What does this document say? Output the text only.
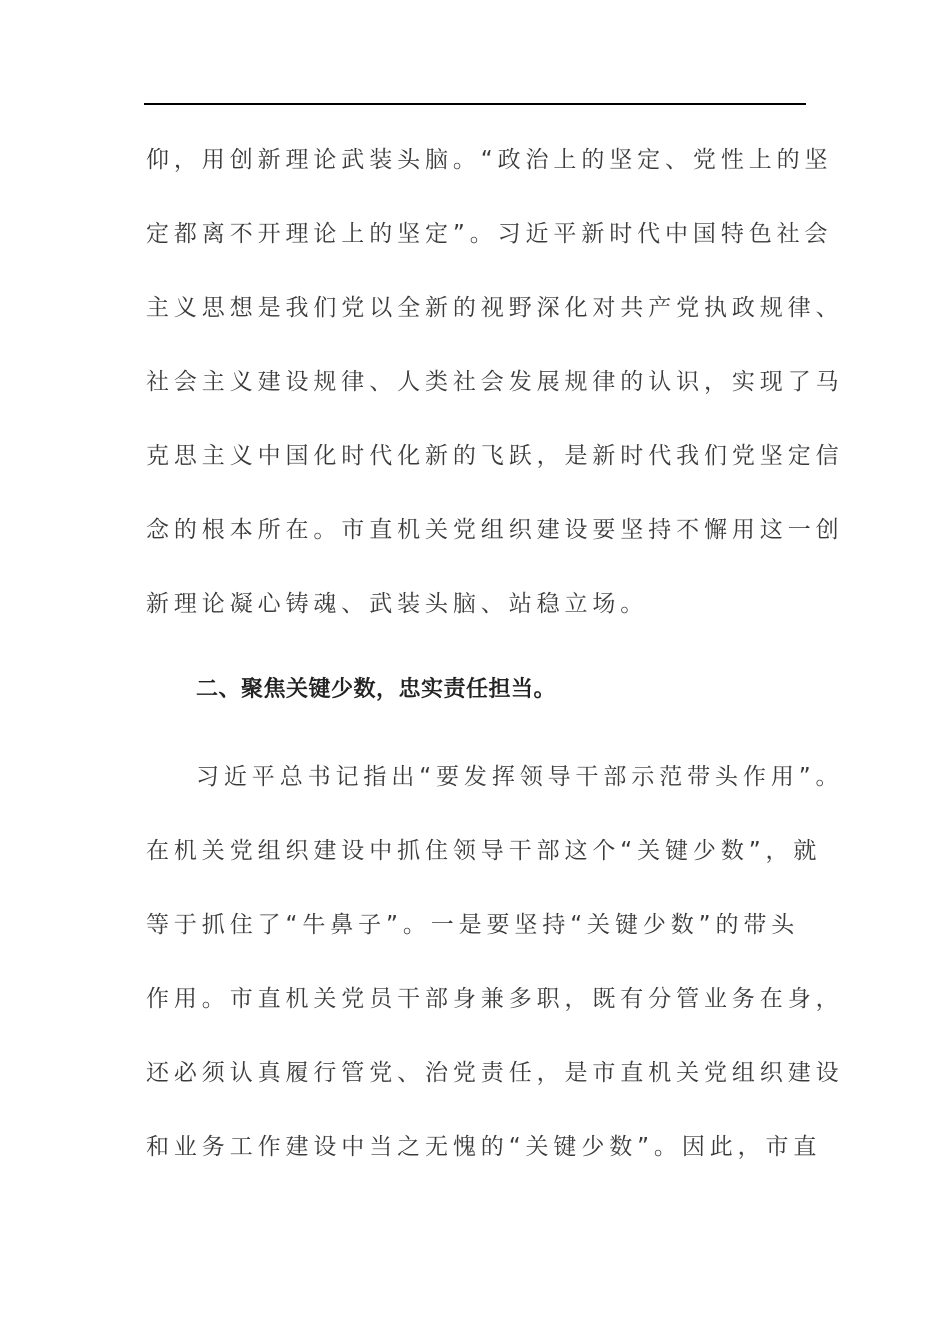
仰，用创新理论武装头脑。“政治上的坚定、党性上的坚
定都离不开理论上的坚定”。习近平新时代中国特色社会
主义思想是我们党以全新的视野深化对共产党执政规律、
社会主义建设规律、人类社会发展规律的认识，实现了马
克思主义中国化时代化新的飞跃，是新时代我们党坚定信
念的根本所在。市直机关党组织建设要坚持不懈用这一创
新理论凝心铸魂、武装头脑、站稳立场。
二、聚焦关键少数，忠实责任担当。
习近平总书记指出“要发挥领导干部示范带头作用”。
在机关党组织建设中抓住领导干部这个“关键少数”，就
等于抓住了“牛鼻子”。一是要坚持“关键少数”的带头
作用。市直机关党员干部身兼多职，既有分管业务在身，
还必须认真履行管党、治党责任，是市直机关党组织建设
和业务工作建设中当之无愧的“关键少数”。因此，市直
